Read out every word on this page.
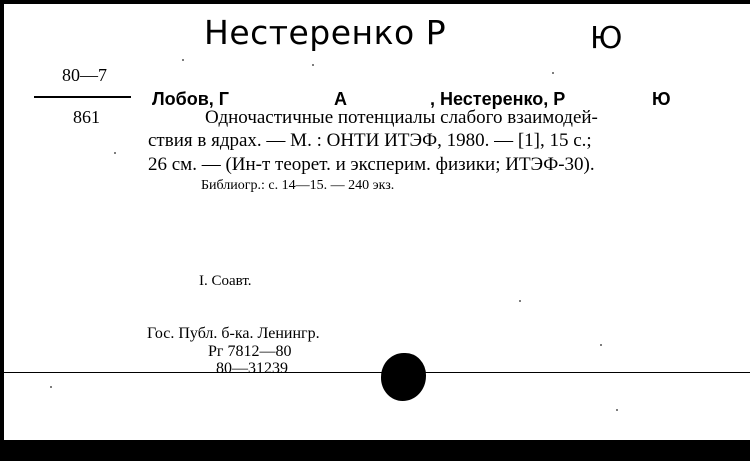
Нестеренко Р	Ю
80—7
861
Лобов, Г	А	, Нестеренко, Р	Ю
Одночастичные потенциалы слабого взаимодей-
ствия в ядрах. — М. : ОНТИ ИТЭФ, 1980. — [1], 15 с.;
26 см. — (Ин-т теорет. и эксперим. физики; ИТЭФ-30).
Библиогр.: с. 14—15. — 240 экз.
I. Соавт.
Гос. Публ. б-ка. Ленингр.
Рг 7812—80
80—31239
